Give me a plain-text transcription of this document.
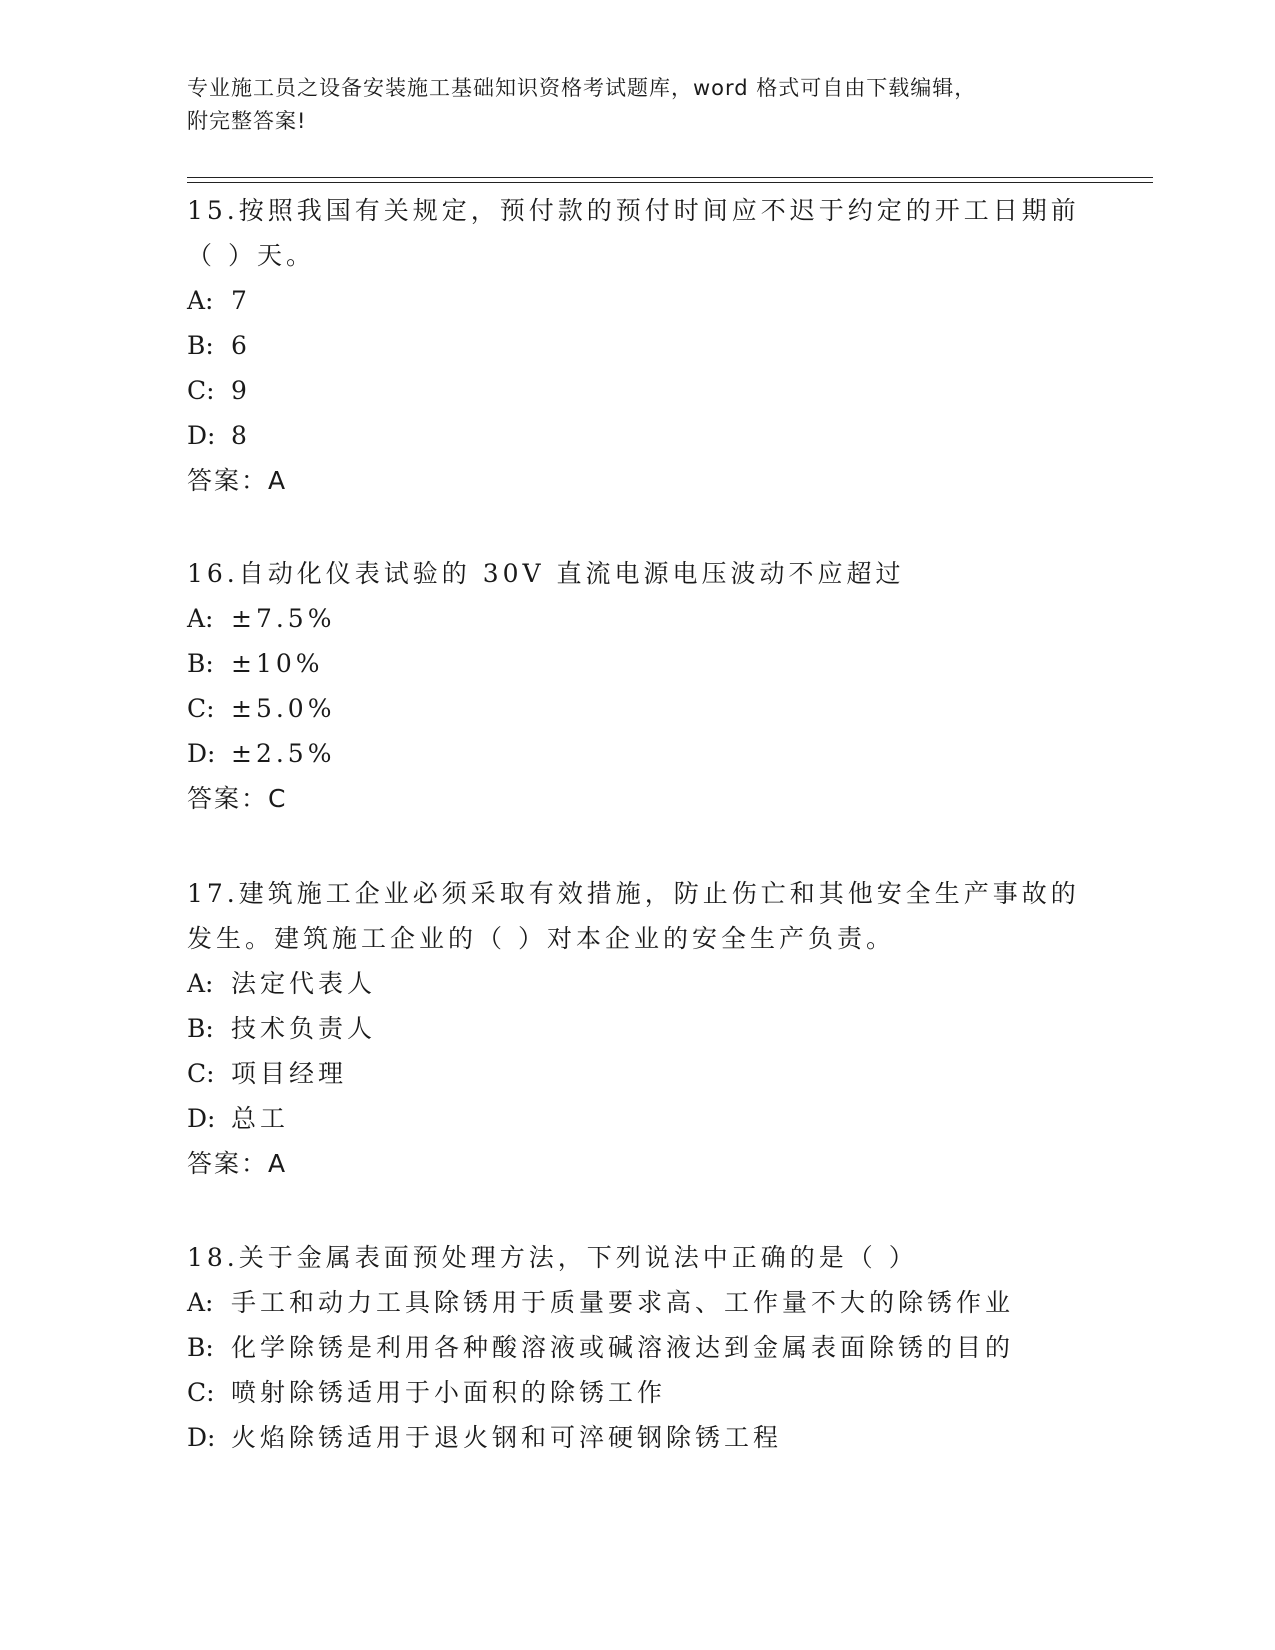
专业施工员之设备安装施工基础知识资格考试题库，word 格式可自由下载编辑，
附完整答案!
15.按照我国有关规定，预付款的预付时间应不迟于约定的开工日期前（ ）天。
A: 7
B: 6
C: 9
D: 8
答案：A
16.自动化仪表试验的 30V 直流电源电压波动不应超过
A: ±7.5%
B: ±10%
C: ±5.0%
D: ±2.5%
答案：C
17.建筑施工企业必须采取有效措施，防止伤亡和其他安全生产事故的发生。建筑施工企业的（ ）对本企业的安全生产负责。
A: 法定代表人
B: 技术负责人
C: 项目经理
D: 总工
答案：A
18.关于金属表面预处理方法，下列说法中正确的是（ ）
A: 手工和动力工具除锈用于质量要求高、工作量不大的除锈作业
B: 化学除锈是利用各种酸溶液或碱溶液达到金属表面除锈的目的
C: 喷射除锈适用于小面积的除锈工作
D: 火焰除锈适用于退火钢和可淬硬钢除锈工程
